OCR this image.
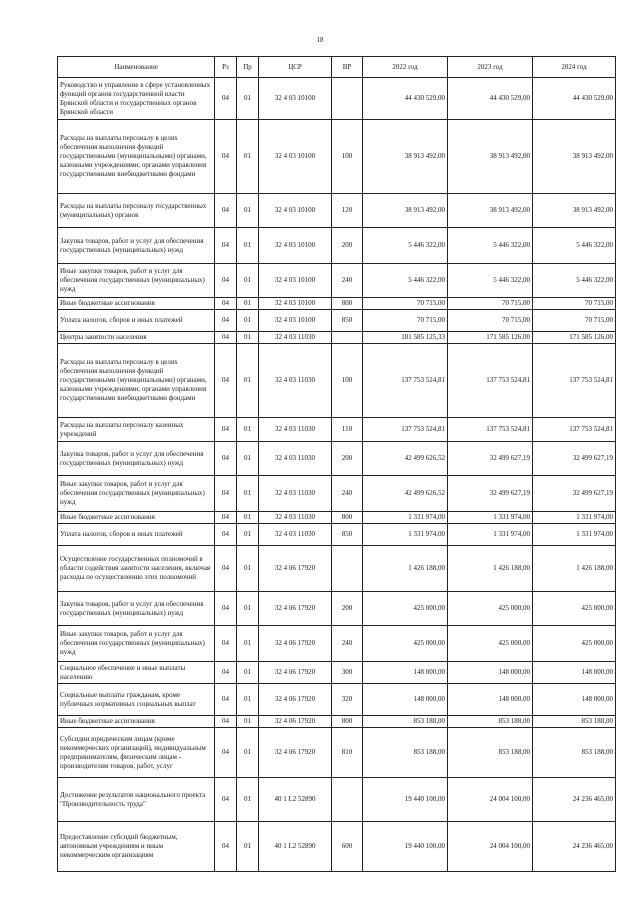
18
Наименование	Рз	Пр	ЦСР	ВР	2022 год	2023 год	2024 год
Руководство и управление в сфере установленных функций органов государственной власти Брянской области и государственных органов Брянской области	04	01	32 4 03 10100		44 430 529,00	44 430 529,00	44 430 529,00
Расходы на выплаты персоналу в целях обеспечения выполнения функций государственными (муниципальными) органами, казенными учреждениями, органами управления государственными внебюджетными фондами	04	01	32 4 03 10100	100	38 913 492,00	38 913 492,00	38 913 492,00
Расходы на выплаты персоналу государственных (муниципальных) органов	04	01	32 4 03 10100	120	38 913 492,00	38 913 492,00	38 913 492,00
Закупка товаров, работ и услуг для обеспечения государственных (муниципальных) нужд	04	01	32 4 03 10100	200	5 446 322,00	5 446 322,00	5 446 322,00
Иные закупки товаров, работ и услуг для обеспечения государственных (муниципальных) нужд	04	01	32 4 03 10100	240	5 446 322,00	5 446 322,00	5 446 322,00
Иные бюджетные ассигнования	04	01	32 4 03 10100	800	70 715,00	70 715,00	70 715,00
Уплата налогов, сборов и иных платежей	04	01	32 4 03 10100	850	70 715,00	70 715,00	70 715,00
Центры занятости населения	04	01	32 4 03 11030		181 585 125,33	171 585 126,00	171 585 126,00
Расходы на выплаты персоналу в целях обеспечения выполнения функций государственными (муниципальными) органами, казенными учреждениями, органами управления государственными внебюджетными фондами	04	01	32 4 03 11030	100	137 753 524,81	137 753 524,81	137 753 524,81
Расходы на выплаты персоналу казенных учреждений	04	01	32 4 03 11030	110	137 753 524,81	137 753 524,81	137 753 524,81
Закупка товаров, работ и услуг для обеспечения государственных (муниципальных) нужд	04	01	32 4 03 11030	200	42 499 626,52	32 499 627,19	32 499 627,19
Иные закупки товаров, работ и услуг для обеспечения государственных (муниципальных) нужд	04	01	32 4 03 11030	240	42 499 626,52	32 499 627,19	32 499 627,19
Иные бюджетные ассигнования	04	01	32 4 03 11030	800	1 331 974,00	1 331 974,00	1 331 974,00
Уплата налогов, сборов и иных платежей	04	01	32 4 03 11030	850	1 331 974,00	1 331 974,00	1 331 974,00
Осуществление государственных полномочий в области содействия занятости населения, включая расходы по осуществлению этих полномочий	04	01	32 4 06 17920		1 426 188,00	1 426 188,00	1 426 188,00
Закупка товаров, работ и услуг для обеспечения государственных (муниципальных) нужд	04	01	32 4 06 17920	200	425 000,00	425 000,00	425 000,00
Иные закупки товаров, работ и услуг для обеспечения государственных (муниципальных) нужд	04	01	32 4 06 17920	240	425 000,00	425 000,00	425 000,00
Социальное обеспечение и иные выплаты населению	04	01	32 4 06 17920	300	148 000,00	148 000,00	148 000,00
Социальные выплаты гражданам, кроме публичных нормативных социальных выплат	04	01	32 4 06 17920	320	148 000,00	148 000,00	148 000,00
Иные бюджетные ассигнования	04	01	32 4 06 17920	800	853 188,00	853 188,00	853 188,00
Субсидии юридическим лицам (кроме некоммерческих организаций), индивидуальным предпринимателям, физическим лицам - производителям товаров, работ, услуг	04	01	32 4 06 17920	810	853 188,00	853 188,00	853 188,00
Достижение результатов национального проекта "Производительность труда"	04	01	40 1 L2 52890		19 440 100,00	24 004 100,00	24 236 465,00
Предоставление субсидий бюджетным, автономным учреждениям и иным некоммерческим организациям	04	01	40 1 L2 52890	600	19 440 100,00	24 004 100,00	24 236 465,00
